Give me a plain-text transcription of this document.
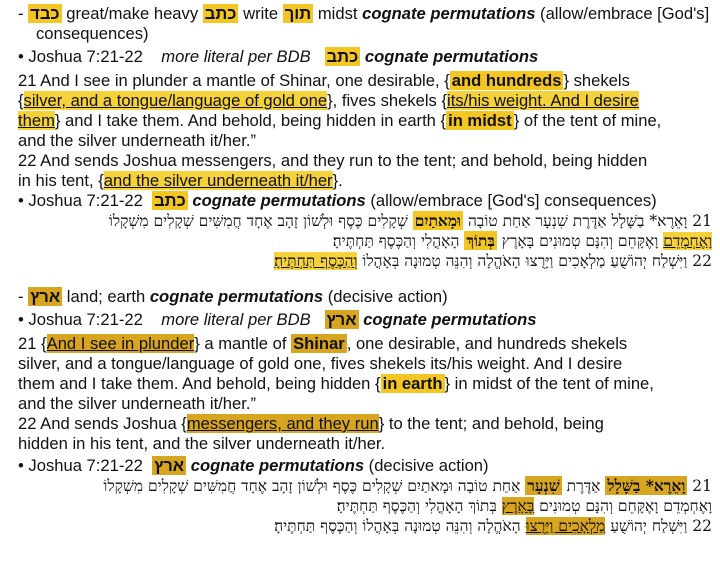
- כבד great/make heavy כתב write תוך midst cognate permutations (allow/embrace [God's]
consequences)
• Joshua 7:21-22 more literal per BDB כתב cognate permutations
21 And I see in plunder a mantle of Shinar, one desirable, { and hundreds } shekels
{silver, and a tongue/language of gold one}, fives shekels {its/his weight. And I desire
them} and I take them. And behold, being hidden in earth { in midst } of the tent of mine,
and the silver underneath it/her.”
22 And sends Joshua messengers, and they run to the tent; and behold, being hidden
in his tent, {and the silver underneath it/her}.
• Joshua 7:21-22 כתב cognate permutations (allow/embrace [God's] consequences)
21 וָאֵרֶא* בַשָּׁלָל אַדֶּרֶת שִׁנְעָר אַחַת טוֹבָה וּמָאתַיִם שְׁקָלִים כֶּסֶף וּלְשׁוֹן זָהָב אֶחָד חֲמִשִּׁים שְׁקָלִים מִשְׁקָלוֹ
וָאֶחְמְדֵם וָאֶקָּחֵם וְהִנָּם טְמוּנִים בָּאָרֶץ בְּתוֹךְ הָאָהֳלִי וְהַכֶּסֶף תַּחְתֶּיהָ׃
22 וַיִּשְׁלַח יְהוֹשֻׁעַ מַלְאָכִים וַיָּרֻצוּ הָאֹהֱלָה וְהִנֵּה טְמוּנָה בְּאָהֳלוֹ וְהַכֶּסֶף תַּחְתֶּיהָ׃
- ארץ land; earth cognate permutations (decisive action)
• Joshua 7:21-22 more literal per BDB ארץ cognate permutations
21 {And I see in plunder} a mantle of Shinar , one desirable, and hundreds shekels
silver, and a tongue/language of gold one, fives shekels its/his weight. And I desire
them and I take them. And behold, being hidden { in earth } in midst of the tent of mine,
and the silver underneath it/her.”
22 And sends Joshua {messengers, and they run} to the tent; and behold, being
hidden in his tent, and the silver underneath it/her.
• Joshua 7:21-22 ארץ cognate permutations (decisive action)
21 וָאֵרֶא* בַשָּׁלָל אַדֶּרֶת שִׁנְעָר אַחַת טוֹבָה וּמָאתַיִם שְׁקָלִים כֶּסֶף וּלְשׁוֹן זָהָב אֶחָד חֲמִשִּׁים שְׁקָלִים מִשְׁקָלוֹ
וָאֶחְמְדֵם וָאֶקָּחֵם וְהִנָּם טְמוּנִים בָּאָרֶץ בְּתוֹךְ הָאָהֳלִי וְהַכֶּסֶף תַּחְתֶּיהָ׃
22 וַיִּשְׁלַח יְהוֹשֻׁעַ מַלְאָכִים וַיָּרֻצוּ הָאֹהֱלָה וְהִנֵּה טְמוּנָה בְּאָהֳלוֹ וְהַכֶּסֶף תַּחְתֶּיהָ׃
